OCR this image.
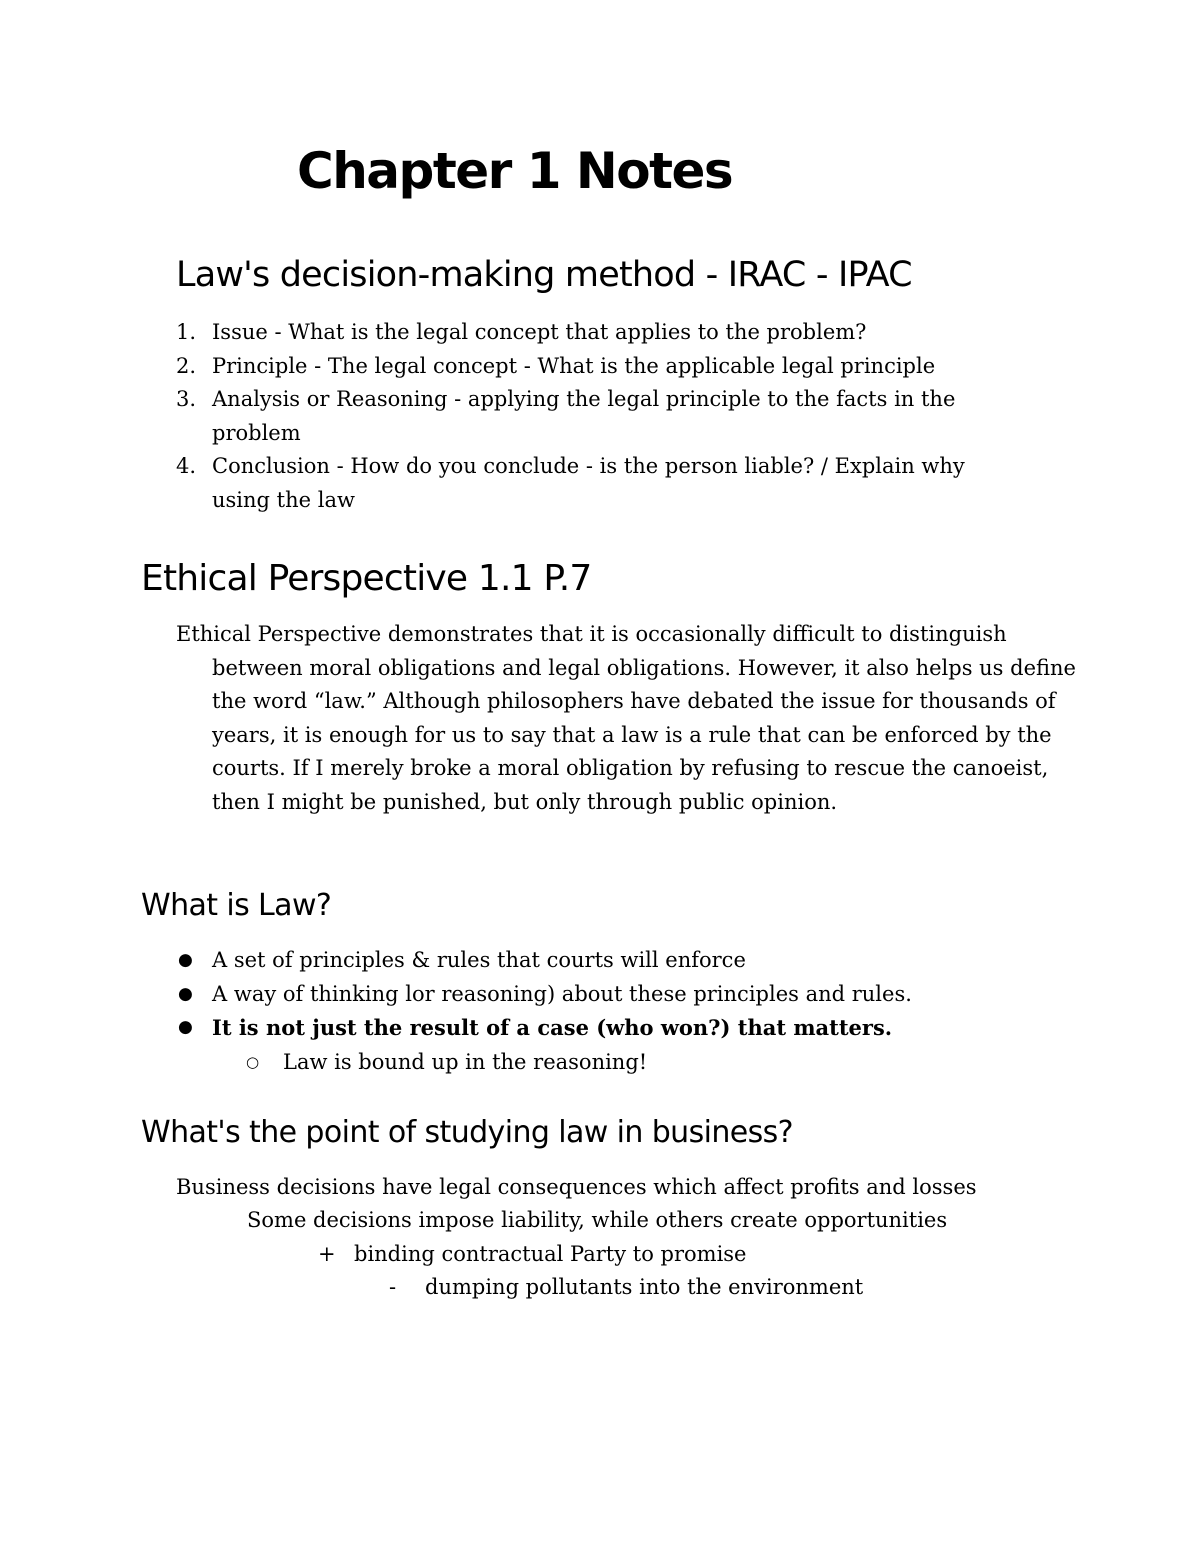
Chapter 1 Notes
Law's decision-making method - IRAC - IPAC
1. Issue - What is the legal concept that applies to the problem?
2. Principle - The legal concept - What is the applicable legal principle
3. Analysis or Reasoning - applying the legal principle to the facts in the problem
4. Conclusion - How do you conclude - is the person liable? / Explain why using the law
Ethical Perspective 1.1 P.7
Ethical Perspective demonstrates that it is occasionally difficult to distinguish between moral obligations and legal obligations. However, it also helps us define the word “law.” Although philosophers have debated the issue for thousands of years, it is enough for us to say that a law is a rule that can be enforced by the courts. If I merely broke a moral obligation by refusing to rescue the canoeist, then I might be punished, but only through public opinion.
What is Law?
● A set of principles & rules that courts will enforce
● A way of thinking lor reasoning) about these principles and rules.
● It is not just the result of a case (who won?) that matters.
○ Law is bound up in the reasoning!
What's the point of studying law in business?
Business decisions have legal consequences which affect profits and losses
Some decisions impose liability, while others create opportunities
+ binding contractual Party to promise
- dumping pollutants into the environment
